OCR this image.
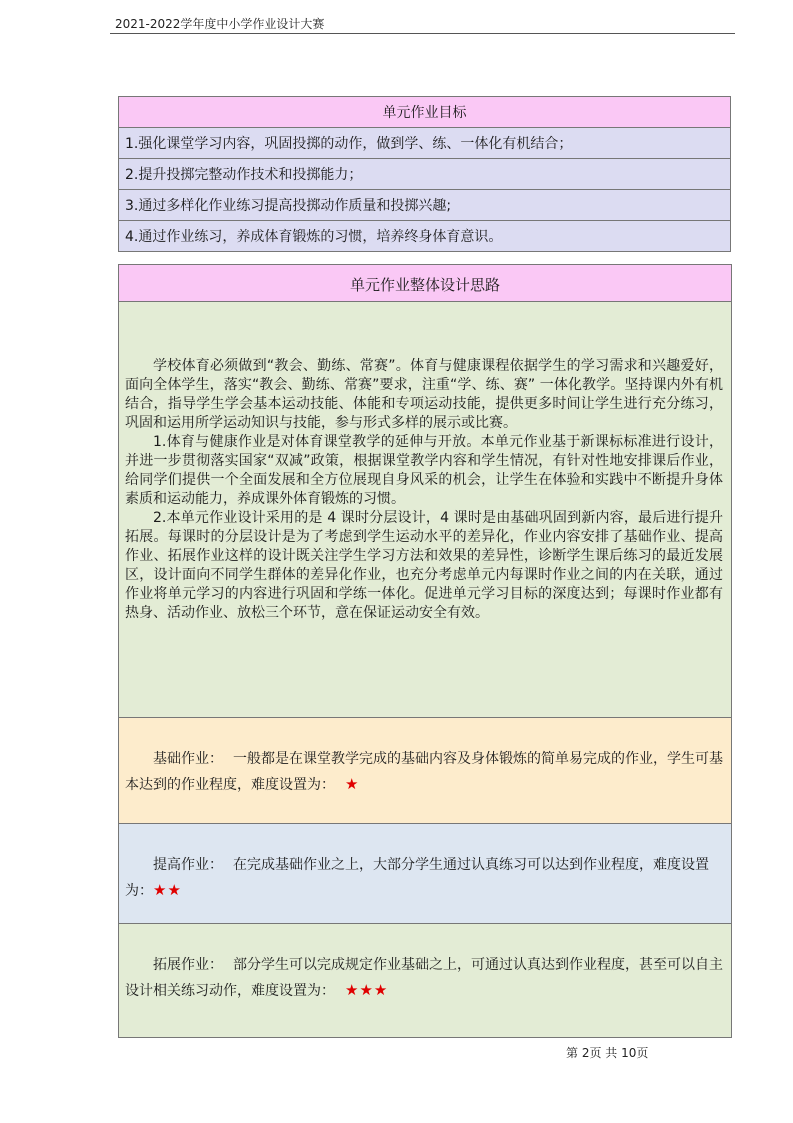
2021-2022学年度中小学作业设计大赛
单元作业目标
1.强化课堂学习内容，巩固投掷的动作，做到学、练、一体化有机结合；
2.提升投掷完整动作技术和投掷能力；
3.通过多样化作业练习提高投掷动作质量和投掷兴趣;
4.通过作业练习，养成体育锻炼的习惯，培养终身体育意识。
单元作业整体设计思路

学校体育必须做到“教会、勤练、常赛”。体育与健康课程依据学生的学习需求和兴趣爱好，面向全体学生，落实“教会、勤练、常赛”要求，注重“学、练、赛” 一体化教学。坚持课内外有机结合，指导学生学会基本运动技能、体能和专项运动技能，提供更多时间让学生进行充分练习，巩固和运用所学运动知识与技能，参与形式多样的展示或比赛。

1.体育与健康作业是对体育课堂教学的延伸与开放。本单元作业基于新课标标准进行设计，并进一步贯彻落实国家“双减”政策，根据课堂教学内容和学生情况，有针对性地安排课后作业，给同学们提供一个全面发展和全方位展现自身风采的机会，让学生在体验和实践中不断提升身体素质和运动能力，养成课外体育锻炼的习惯。

2.本单元作业设计采用的是 4 课时分层设计，4 课时是由基础巩固到新内容，最后进行提升拓展。每课时的分层设计是为了考虑到学生运动水平的差异化，作业内容安排了基础作业、提高作业、拓展作业这样的设计既关注学生学习方法和效果的差异性，诊断学生课后练习的最近发展区，设计面向不同学生群体的差异化作业，也充分考虑单元内每课时作业之间的内在关联，通过作业将单元学习的内容进行巩固和学练一体化。促进单元学习目标的深度达到；每课时作业都有热身、活动作业、放松三个环节，意在保证运动安全有效。

基础作业： 一般都是在课堂教学完成的基础内容及身体锻炼的简单易完成的作业，学生可基本达到的作业程度，难度设置为： ★

提高作业： 在完成基础作业之上，大部分学生通过认真练习可以达到作业程度，难度设置为：★★

拓展作业： 部分学生可以完成规定作业基础之上，可通过认真达到作业程度，甚至可以自主设计相关练习动作，难度设置为： ★★★

第 2页 共 10页
